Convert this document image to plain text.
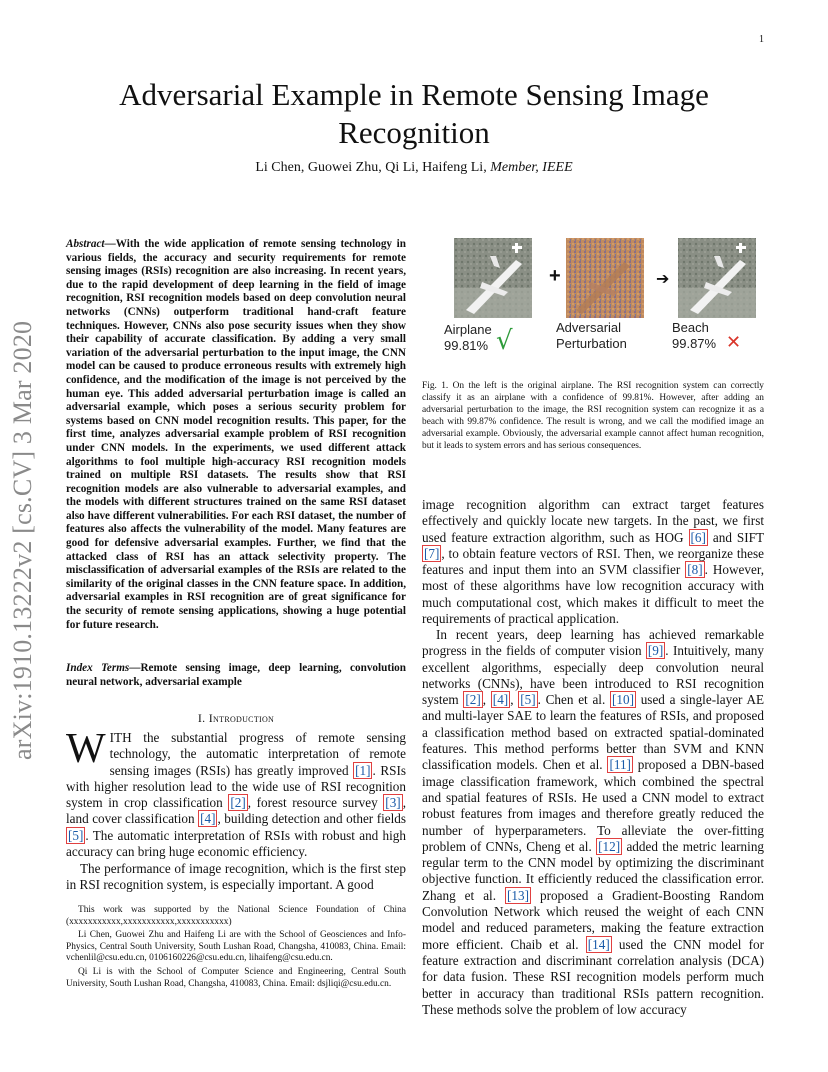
1
arXiv:1910.13222v2 [cs.CV] 3 Mar 2020
Adversarial Example in Remote Sensing Image Recognition
Li Chen, Guowei Zhu, Qi Li, Haifeng Li, Member, IEEE
Abstract—With the wide application of remote sensing technology in various fields, the accuracy and security requirements for remote sensing images (RSIs) recognition are also increasing. In recent years, due to the rapid development of deep learning in the field of image recognition, RSI recognition models based on deep convolution neural networks (CNNs) outperform traditional hand-craft feature techniques. However, CNNs also pose security issues when they show their capability of accurate classification. By adding a very small variation of the adversarial perturbation to the input image, the CNN model can be caused to produce erroneous results with extremely high confidence, and the modification of the image is not perceived by the human eye. This added adversarial perturbation image is called an adversarial example, which poses a serious security problem for systems based on CNN model recognition results. This paper, for the first time, analyzes adversarial example problem of RSI recognition under CNN models. In the experiments, we used different attack algorithms to fool multiple high-accuracy RSI recognition models trained on multiple RSI datasets. The results show that RSI recognition models are also vulnerable to adversarial examples, and the models with different structures trained on the same RSI dataset also have different vulnerabilities. For each RSI dataset, the number of features also affects the vulnerability of the model. Many features are good for defensive adversarial examples. Further, we find that the attacked class of RSI has an attack selectivity property. The misclassification of adversarial examples of the RSIs are related to the similarity of the original classes in the CNN feature space. In addition, adversarial examples in RSI recognition are of great significance for the security of remote sensing applications, showing a huge potential for future research.
Index Terms—Remote sensing image, deep learning, convolution neural network, adversarial example
I. Introduction
WITH the substantial progress of remote sensing technology, the automatic interpretation of remote sensing images (RSIs) has greatly improved [1] . RSIs with higher resolution lead to the wide use of RSI recognition system in crop classification [2] , forest resource survey [3] , land cover classification [4] , building detection and other fields [5] . The automatic interpretation of RSIs with robust and high accuracy can bring huge economic efficiency.
The performance of image recognition, which is the first step in RSI recognition system, is especially important. A good

This work was supported by the National Science Foundation of China (xxxxxxxxxxx,xxxxxxxxxxx,xxxxxxxxxxx)

Li Chen, Guowei Zhu and Haifeng Li are with the School of Geosciences and Info-Physics, Central South University, South Lushan Road, Changsha, 410083, China. Email: vchenlil@csu.edu.cn, 0106160226@csu.edu.cn, lihaifeng@csu.edu.cn.

Qi Li is with the School of Computer Science and Engineering, Central South University, South Lushan Road, Changsha, 410083, China. Email: dsjliqi@csu.edu.cn.

+	➔
Airplane
99.81% √	Adversarial
Perturbation
Beach
99.87% ✕
Fig. 1. On the left is the original airplane. The RSI recognition system can correctly classify it as an airplane with a confidence of 99.81%. However, after adding an adversarial perturbation to the image, the RSI recognition system can recognize it as a beach with 99.87% confidence. The result is wrong, and we call the modified image an adversarial example. Obviously, the adversarial example cannot affect human recognition, but it leads to system errors and has serious consequences.
image recognition algorithm can extract target features effectively and quickly locate new targets. In the past, we first used feature extraction algorithm, such as HOG [6] and SIFT [7] , to obtain feature vectors of RSI. Then, we reorganize these features and input them into an SVM classifier [8] . However, most of these algorithms have low recognition accuracy with much computational cost, which makes it difficult to meet the requirements of practical application.
In recent years, deep learning has achieved remarkable progress in the fields of computer vision [9] . Intuitively, many excellent algorithms, especially deep convolution neural networks (CNNs), have been introduced to RSI recognition system [2] , [4] , [5] . Chen et al. [10] used a single-layer AE and multi-layer SAE to learn the features of RSIs, and proposed a classification method based on extracted spatial-dominated features. This method performs better than SVM and KNN classification models. Chen et al. [11] proposed a DBN-based image classification framework, which combined the spectral and spatial features of RSIs. He used a CNN model to extract robust features from images and therefore greatly reduced the number of hyperparameters. To alleviate the over-fitting problem of CNNs, Cheng et al. [12] added the metric learning regular term to the CNN model by optimizing the discriminant objective function. It efficiently reduced the classification error. Zhang et al. [13] proposed a Gradient-Boosting Random Convolution Network which reused the weight of each CNN model and reduced parameters, making the feature extraction more efficient. Chaib et al. [14] used the CNN model for feature extraction and discriminant correlation analysis (DCA) for data fusion. These RSI recognition models perform much better in accuracy than traditional RSIs pattern recognition. These methods solve the problem of low accuracy
